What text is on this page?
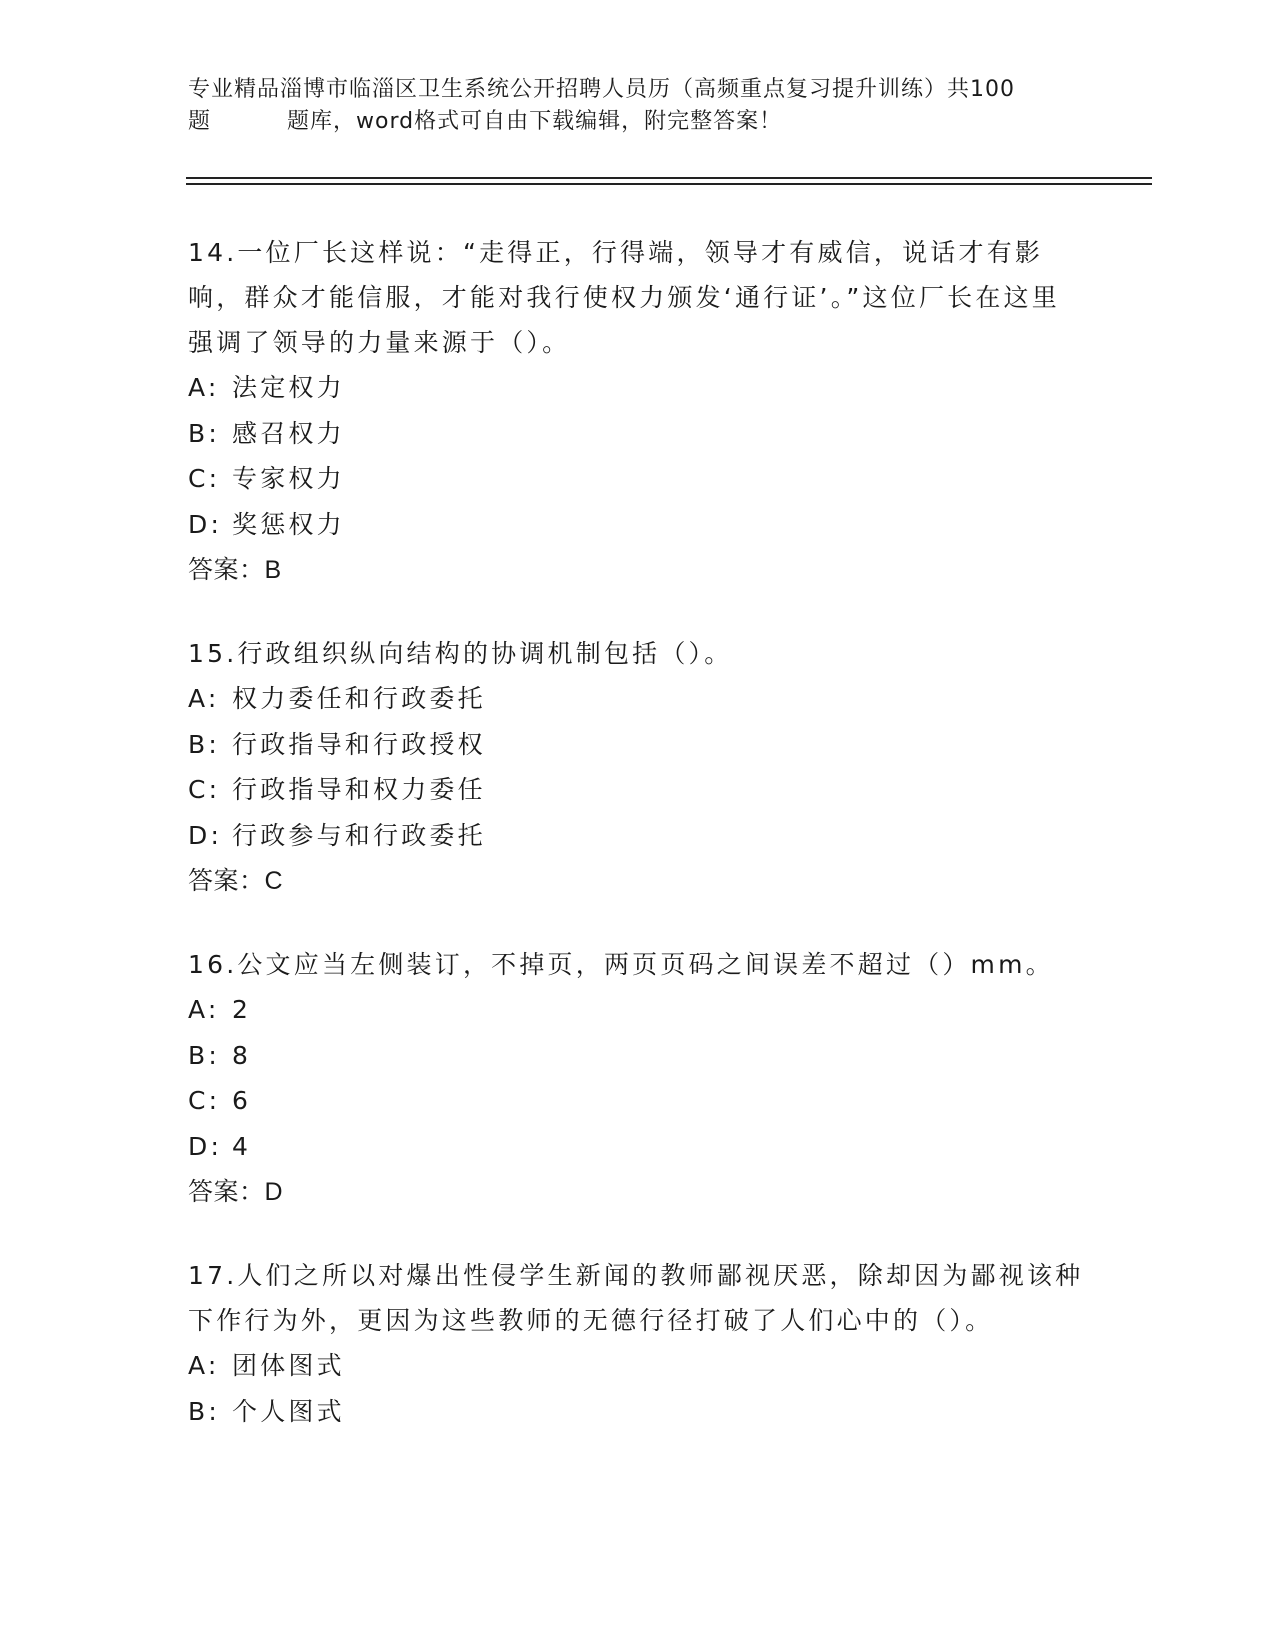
专业精品淄博市临淄区卫生系统公开招聘人员历（高频重点复习提升训练）共100
题	题库，word格式可自由下载编辑，附完整答案！
14.一位厂长这样说：“走得正，行得端，领导才有威信，说话才有影响，群众才能信服，才能对我行使权力颁发‘通行证’。”这位厂长在这里强调了领导的力量来源于（）。
A: 法定权力
B: 感召权力
C: 专家权力
D: 奖惩权力
答案：B
15.行政组织纵向结构的协调机制包括（）。
A: 权力委任和行政委托
B: 行政指导和行政授权
C: 行政指导和权力委任
D: 行政参与和行政委托
答案：C
16.公文应当左侧装订，不掉页，两页页码之间误差不超过（）mm。
A: 2
B: 8
C: 6
D: 4
答案：D
17.人们之所以对爆出性侵学生新闻的教师鄙视厌恶，除却因为鄙视该种下作行为外，更因为这些教师的无德行径打破了人们心中的（）。
A: 团体图式
B: 个人图式
